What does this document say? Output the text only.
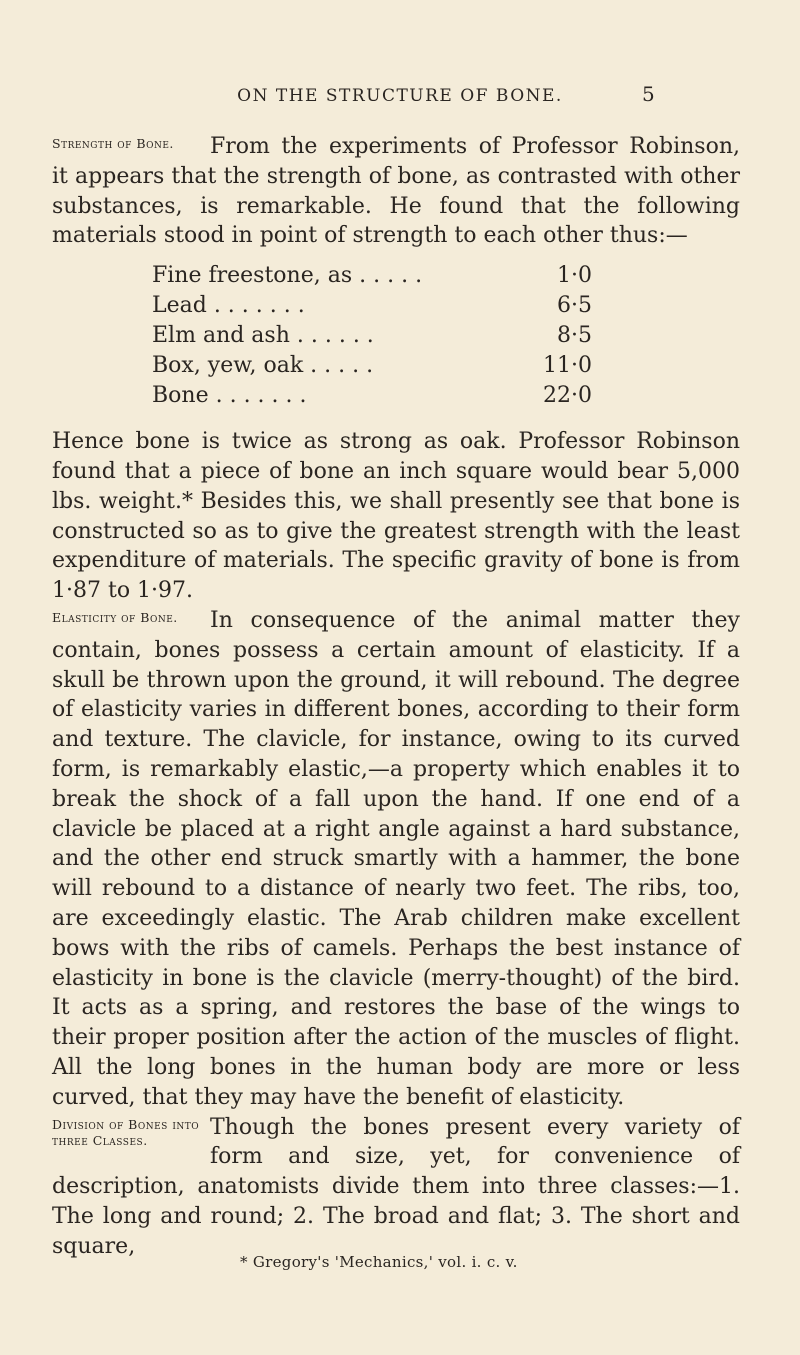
ON THE STRUCTURE OF BONE.	5
Strength of Bone.	From the experiments of Professor Robinson, it appears that the strength of bone, as contrasted with other substances, is remarkable. He found that the following materials stood in point of strength to each other thus:—

Fine freestone, as . . . . .	1·0
Lead . . . . . . .	6·5
Elm and ash . . . . . .	8·5
Box, yew, oak . . . . .	11·0
Bone . . . . . . .	22·0

Hence bone is twice as strong as oak. Professor Robinson found that a piece of bone an inch square would bear 5,000 lbs. weight.* Besides this, we shall presently see that bone is constructed so as to give the greatest strength with the least expenditure of materials. The specific gravity of bone is from 1·87 to 1·97.

Elasticity of Bone.	In consequence of the animal matter they contain, bones possess a certain amount of elasticity. If a skull be thrown upon the ground, it will rebound. The degree of elasticity varies in different bones, according to their form and texture. The clavicle, for instance, owing to its curved form, is remarkably elastic,—a property which enables it to break the shock of a fall upon the hand. If one end of a clavicle be placed at a right angle against a hard substance, and the other end struck smartly with a hammer, the bone will rebound to a distance of nearly two feet. The ribs, too, are exceedingly elastic. The Arab children make excellent bows with the ribs of camels. Perhaps the best instance of elasticity in bone is the clavicle (merry-thought) of the bird. It acts as a spring, and restores the base of the wings to their proper position after the action of the muscles of flight. All the long bones in the human body are more or less curved, that they may have the benefit of elasticity.

Division of Bones into three Classes.

Though the bones present every variety of form and size, yet, for convenience of description, anatomists divide them into three classes:—1. The long and round; 2. The broad and flat; 3. The short and square,

* Gregory's 'Mechanics,' vol. i. c. v.
